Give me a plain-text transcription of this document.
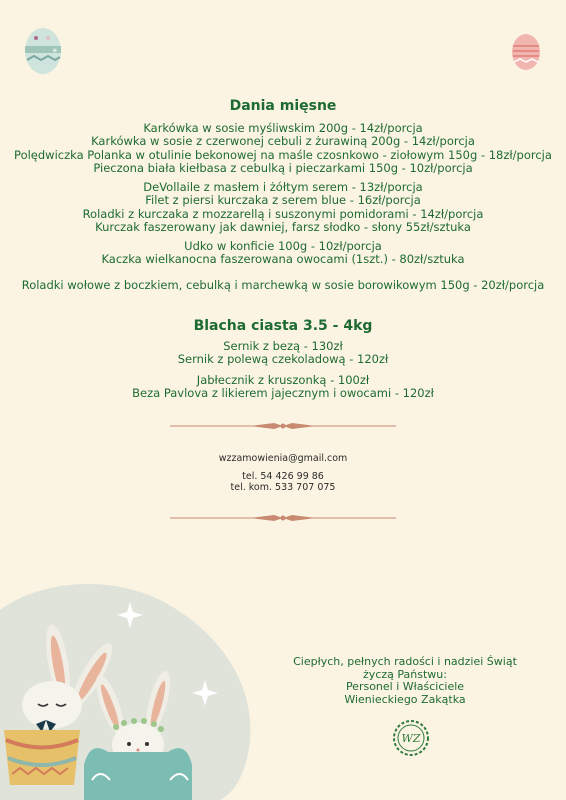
✳
Dania mięsne
Karkówka w sosie myśliwskim 200g - 14zł/porcja
Karkówka w sosie z czerwonej cebuli z żurawiną 200g - 14zł/porcja
Polędwiczka Polanka w otulinie bekonowej na maśle czosnkowo - ziołowym 150g - 18zł/porcja
Pieczona biała kiełbasa z cebulką i pieczarkami 150g - 10zł/porcja
DeVollaile z masłem i żółtym serem - 13zł/porcja
Filet z piersi kurczaka z serem blue - 16zł/porcja
Roladki z kurczaka z mozzarellą i suszonymi pomidorami - 14zł/porcja
Kurczak faszerowany jak dawniej, farsz słodko - słony 55zł/sztuka
Udko w konficie 100g - 10zł/porcja
Kaczka wielkanocna faszerowana owocami (1szt.) - 80zł/sztuka
Roladki wołowe z boczkiem, cebulką i marchewką w sosie borowikowym 150g - 20zł/porcja
Blacha ciasta 3.5 - 4kg
Sernik z bezą - 130zł
Sernik z polewą czekoladową - 120zł
Jabłecznik z kruszonką - 100zł
Beza Pavlova z likierem jajecznym i owocami - 120zł
wzzamowienia@gmail.com
tel. 54 426 99 86
tel. kom. 533 707 075
Ciepłych, pełnych radości i nadziei Świąt
życzą Państwu:
Personel i Właściciele
Wienieckiego Zakątka
WZ
